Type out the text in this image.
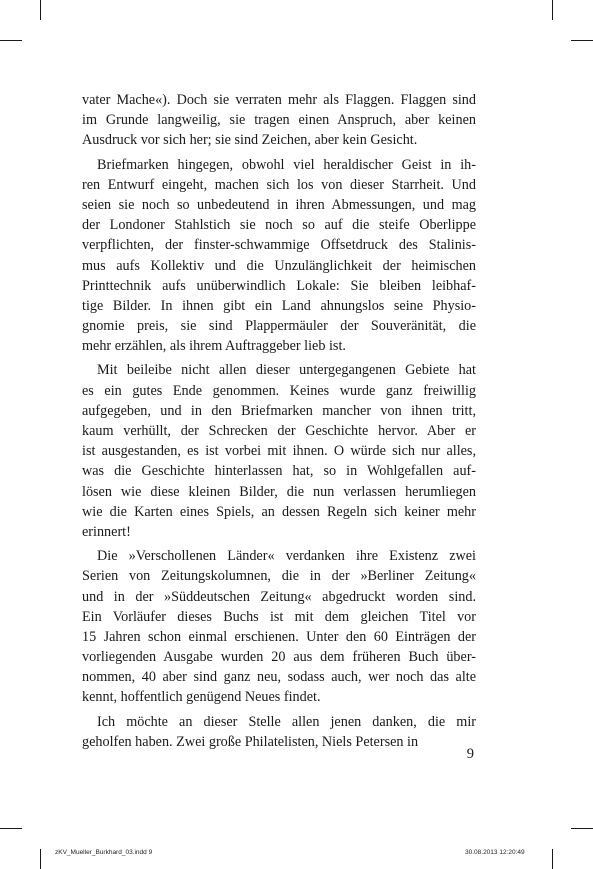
vater Mache«). Doch sie verraten mehr als Flaggen. Flaggen sind
im Grunde langweilig, sie tragen einen Anspruch, aber keinen
Ausdruck vor sich her; sie sind Zeichen, aber kein Gesicht.
Briefmarken hingegen, obwohl viel heraldischer Geist in ih-
ren Entwurf eingeht, machen sich los von dieser Starrheit. Und
seien sie noch so unbedeutend in ihren Abmessungen, und mag
der Londoner Stahlstich sie noch so auf die steife Oberlippe
verpflichten, der finster-schwammige Offsetdruck des Stalinis-
mus aufs Kollektiv und die Unzulänglichkeit der heimischen
Printtechnik aufs unüberwindlich Lokale: Sie bleiben leibhaf-
tige Bilder. In ihnen gibt ein Land ahnungslos seine Physio-
gnomie preis, sie sind Plappermäuler der Souveränität, die
mehr erzählen, als ihrem Auftraggeber lieb ist.
Mit beileibe nicht allen dieser untergegangenen Gebiete hat
es ein gutes Ende genommen. Keines wurde ganz freiwillig
aufgegeben, und in den Briefmarken mancher von ihnen tritt,
kaum verhüllt, der Schrecken der Geschichte hervor. Aber er
ist ausgestanden, es ist vorbei mit ihnen. O würde sich nur alles,
was die Geschichte hinterlassen hat, so in Wohlgefallen auf-
lösen wie diese kleinen Bilder, die nun verlassen herumliegen
wie die Karten eines Spiels, an dessen Regeln sich keiner mehr
erinnert!
Die »Verschollenen Länder« verdanken ihre Existenz zwei
Serien von Zeitungskolumnen, die in der »Berliner Zeitung«
und in der »Süddeutschen Zeitung« abgedruckt worden sind.
Ein Vorläufer dieses Buchs ist mit dem gleichen Titel vor
15 Jahren schon einmal erschienen. Unter den 60 Einträgen der
vorliegenden Ausgabe wurden 20 aus dem früheren Buch über-
nommen, 40 aber sind ganz neu, sodass auch, wer noch das alte
kennt, hoffentlich genügend Neues findet.
Ich möchte an dieser Stelle allen jenen danken, die mir
geholfen haben. Zwei große Philatelisten, Niels Petersen in
9
zKV_Mueller_Burkhard_03.indd 9	30.08.2013 12:20:49
